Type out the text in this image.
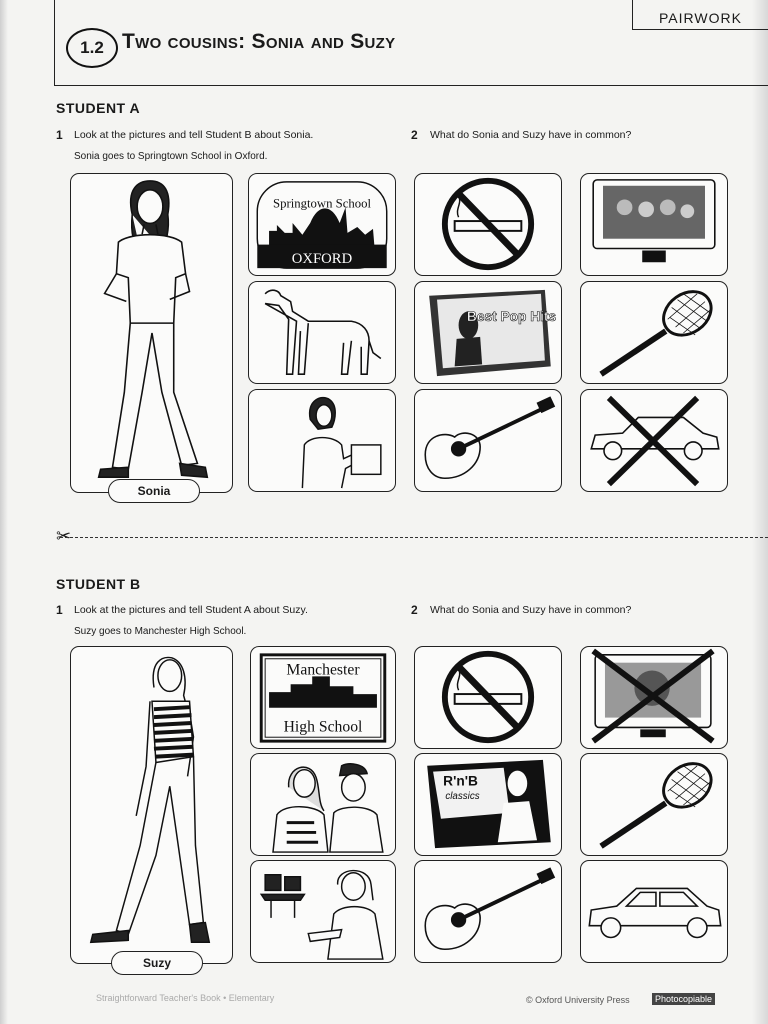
PAIRWORK
1.2 Two cousins: Sonia and Suzy
STUDENT A
1 Look at the pictures and tell Student B about Sonia.
Sonia goes to Springtown School in Oxford.
2 What do Sonia and Suzy have in common?
Sonia
Springtown School
OXFORD
Best Pop Hits
✂
STUDENT B
1 Look at the pictures and tell Student A about Suzy.
Suzy goes to Manchester High School.
2 What do Sonia and Suzy have in common?
Suzy
Manchester
High School
R'n'B
classics
Straightforward Teacher's Book • Elementary	© Oxford University Press	Photocopiable
